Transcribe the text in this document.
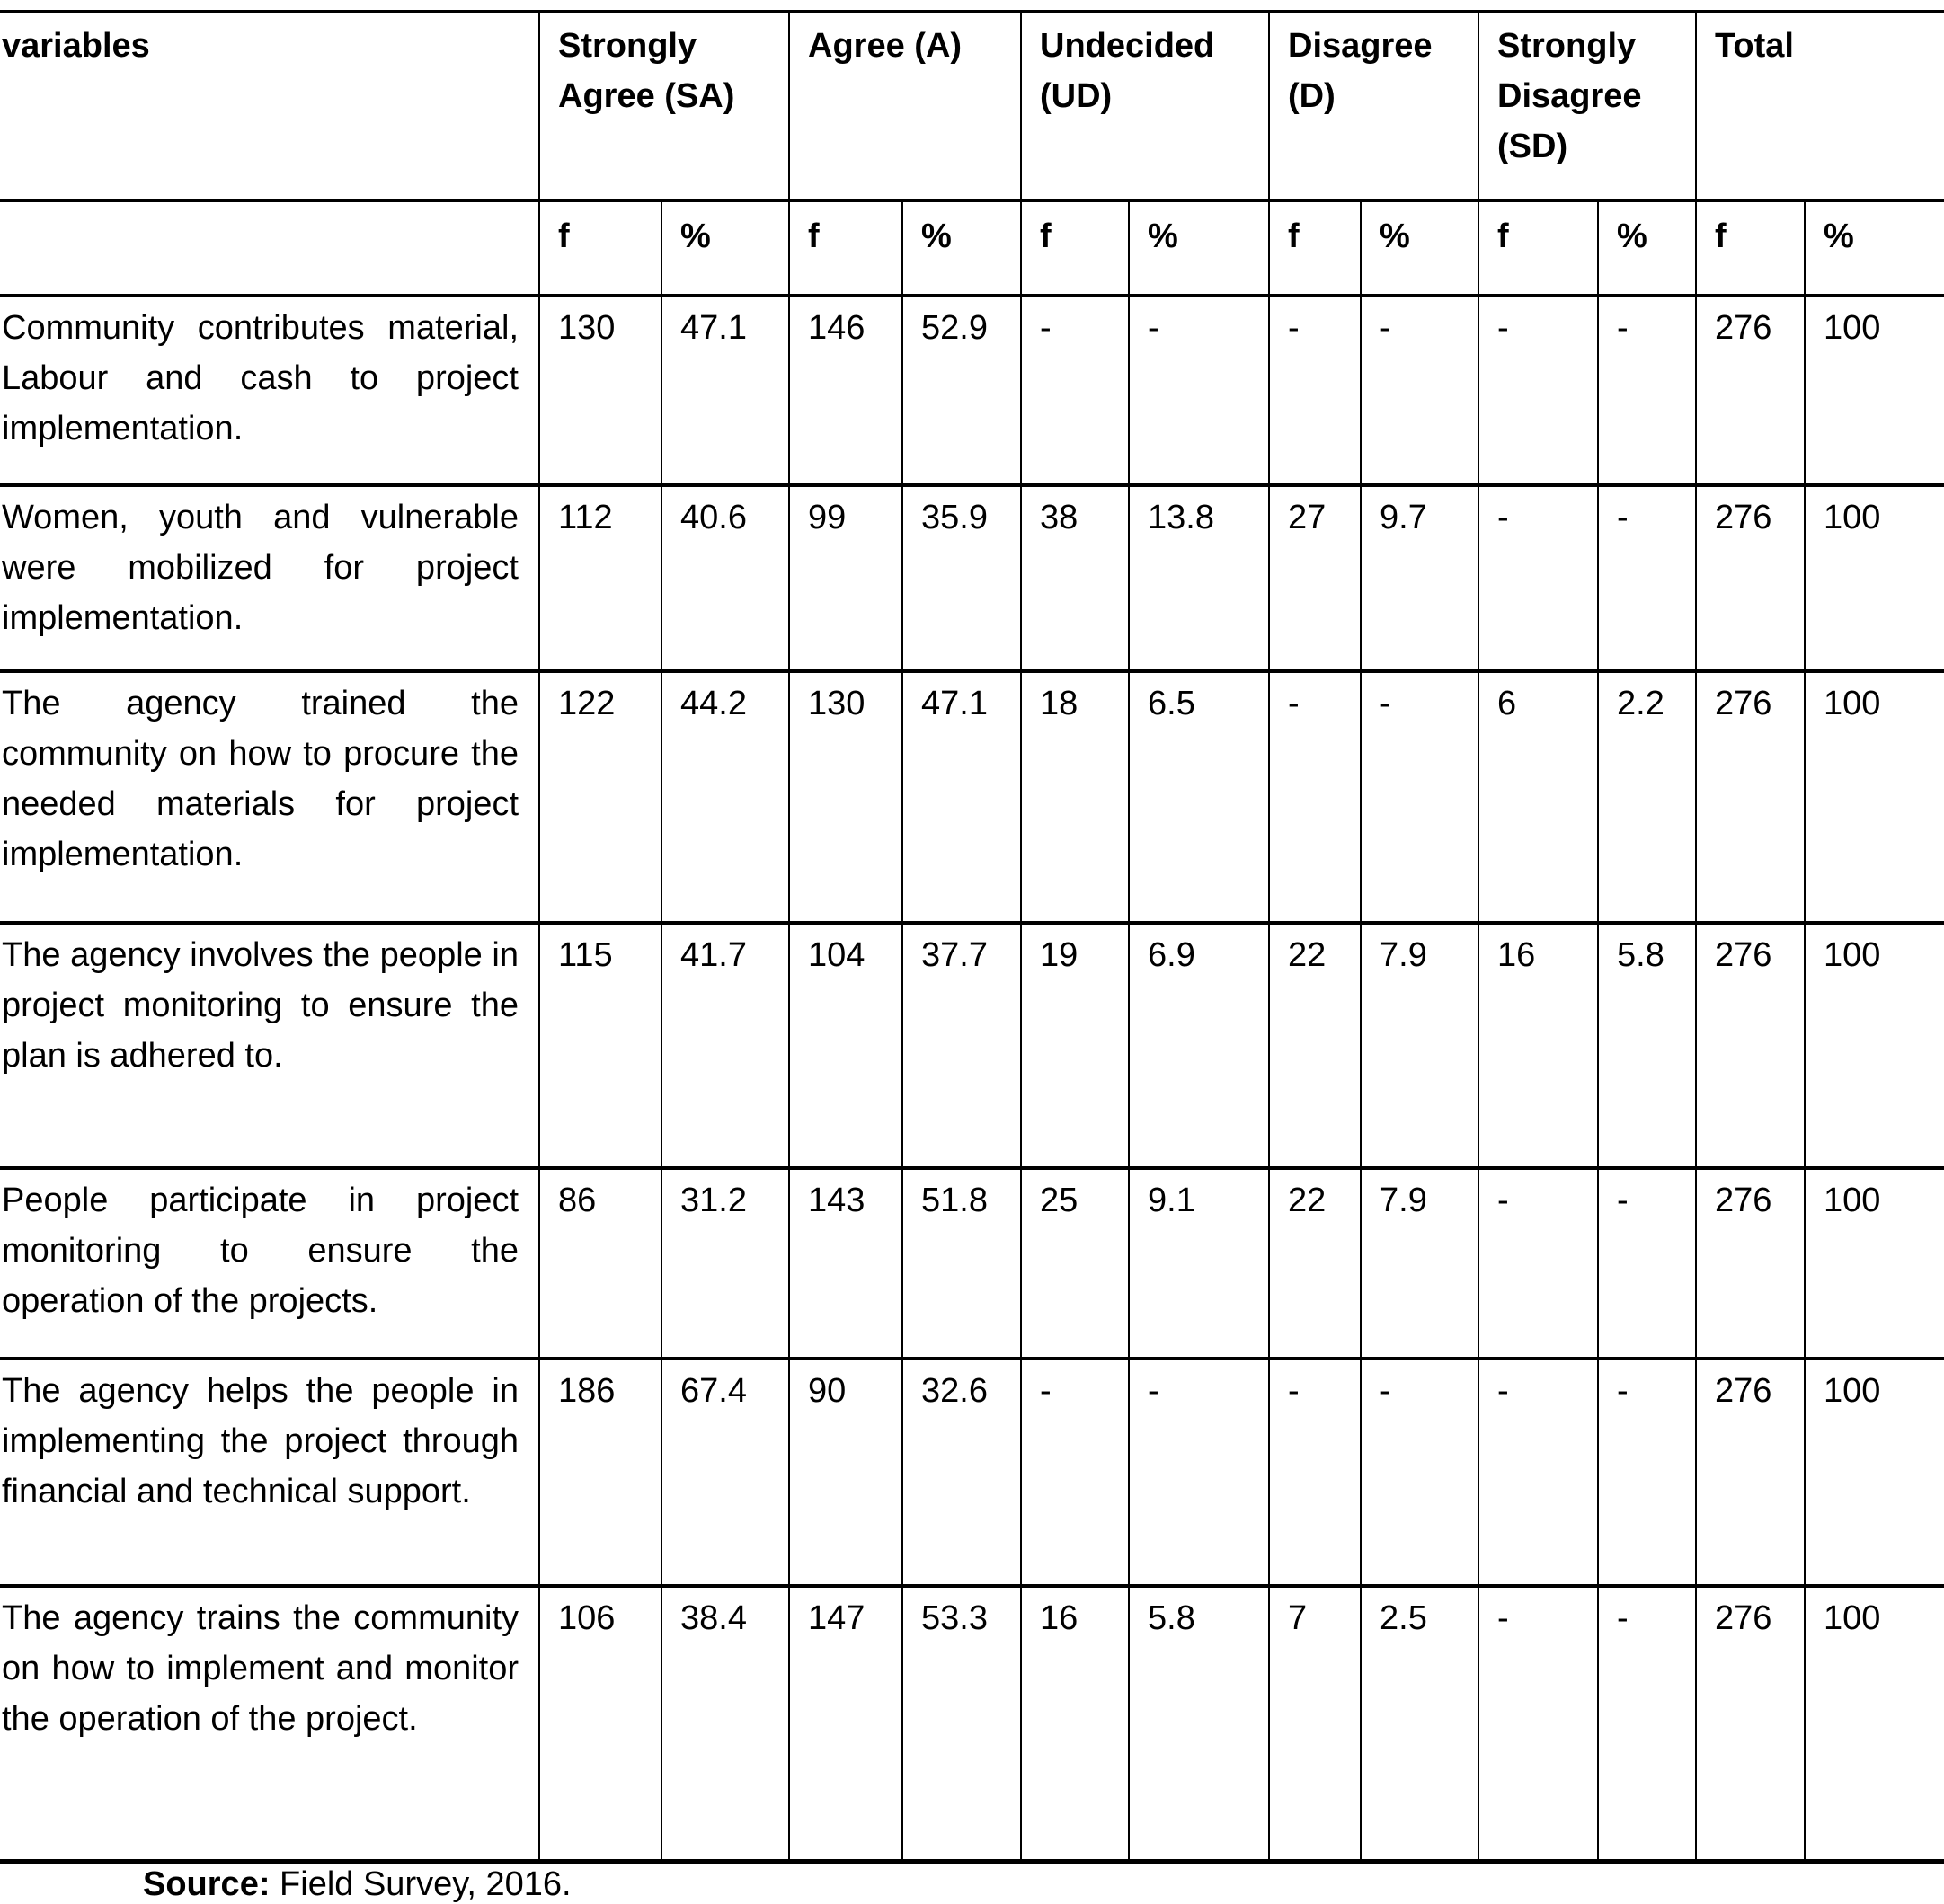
variables	Strongly Agree (SA)		Agree (A)		Undecided (UD)		Disagree (D)		Strongly Disagree (SD)		Total	
	f	%	f	%	f	%	f	%	f	%	f	%
Community contributes material, Labour and cash to project implementation.	130	47.1	146	52.9	-	-	-	-	-	-	276	100
Women, youth and vulnerable were mobilized for project implementation.	112	40.6	99	35.9	38	13.8	27	9.7	-	-	276	100
The agency trained the community on how to procure the needed materials for project implementation.	122	44.2	130	47.1	18	6.5	-	-	6	2.2	276	100
The agency involves the people in project monitoring to ensure the plan is adhered to.	115	41.7	104	37.7	19	6.9	22	7.9	16	5.8	276	100
People participate in project monitoring to ensure the operation of the projects.	86	31.2	143	51.8	25	9.1	22	7.9	-	-	276	100
The agency helps the people in implementing the project through financial and technical support.	186	67.4	90	32.6	-	-	-	-	-	-	276	100
The agency trains the community on how to implement and monitor the operation of the project.	106	38.4	147	53.3	16	5.8	7	2.5	-	-	276	100
Source: Field Survey, 2016.
